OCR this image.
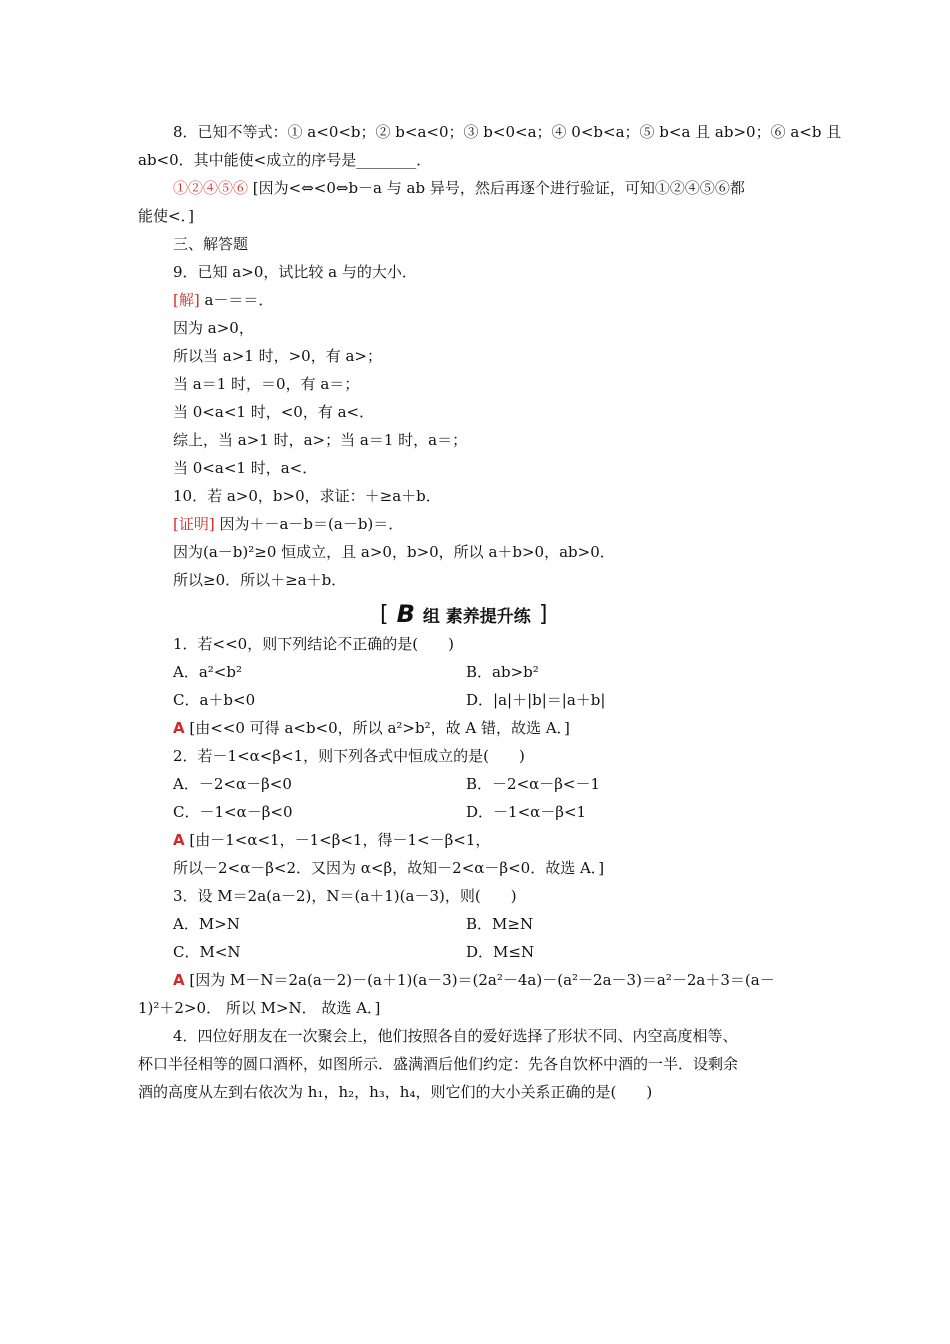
8．已知不等式：① a<0<b；② b<a<0；③ b<0<a；④ 0<b<a；⑤ b<a 且 ab>0；⑥ a<b 且
ab<0．其中能使<成立的序号是________．
①②④⑤⑥ [因为<⇔<0⇔b－a 与 ab 异号，然后再逐个进行验证，可知①②④⑤⑥都
能使<．]
三、解答题
9．已知 a>0，试比较 a 与的大小．
[解] a－＝＝．
因为 a>0，
所以当 a>1 时，>0，有 a>；
当 a＝1 时，＝0，有 a＝；
当 0<a<1 时，<0，有 a<．
综上，当 a>1 时，a>；当 a＝1 时，a＝；
当 0<a<1 时，a<．
10．若 a>0，b>0，求证：＋≥a＋b．
[证明] 因为＋－a－b＝(a－b)＝．
因为(a－b)²≥0 恒成立，且 a>0，b>0，所以 a＋b>0，ab>0．
所以≥0．所以＋≥a＋b．
[ B 组 素养提升练 ]
1．若<<0，则下列结论不正确的是(　　)
A．a²<b²	B．ab>b²
C．a＋b<0	D．|a|＋|b|＝|a＋b|
A [由<<0 可得 a<b<0，所以 a²>b²，故 A 错，故选 A．]
2．若－1<α<β<1，则下列各式中恒成立的是(　　)
A．－2<α－β<0	B．－2<α－β<－1
C．－1<α－β<0	D．－1<α－β<1
A [由－1<α<1，－1<β<1，得－1<－β<1，
所以－2<α－β<2．又因为 α<β，故知－2<α－β<0．故选 A．]
3．设 M＝2a(a－2)，N＝(a＋1)(a－3)，则(　　)
A．M>N	B．M≥N
C．M<N	D．M≤N
A [因为 M－N＝2a(a－2)－(a＋1)(a－3)＝(2a²－4a)－(a²－2a－3)＝a²－2a＋3＝(a－
1)²＋2>0． 所以 M>N． 故选 A．]
4．四位好朋友在一次聚会上，他们按照各自的爱好选择了形状不同、内空高度相等、
杯口半径相等的圆口酒杯，如图所示．盛满酒后他们约定：先各自饮杯中酒的一半．设剩余
酒的高度从左到右依次为 h₁，h₂，h₃，h₄，则它们的大小关系正确的是(　　)
